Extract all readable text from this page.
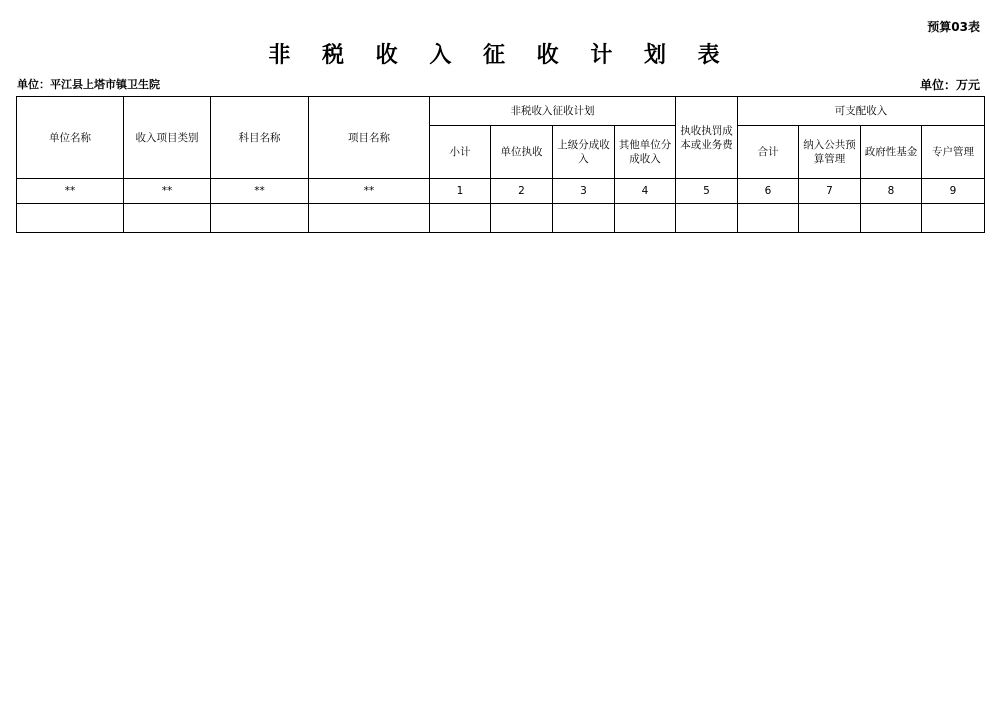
预算03表
非 税 收 入 征 收 计 划 表
单位：平江县上塔市镇卫生院	单位：万元
单位名称	收入项目类别	科目名称	项目名称	非税收入征收计划				执收执罚成本或业务费	可支配收入			
				小计	单位执收	上级分成收入	其他单位分成收入		合计	纳入公共预算管理	政府性基金	专户管理
**	**	**	**	1	2	3	4	5	6	7	8	9
